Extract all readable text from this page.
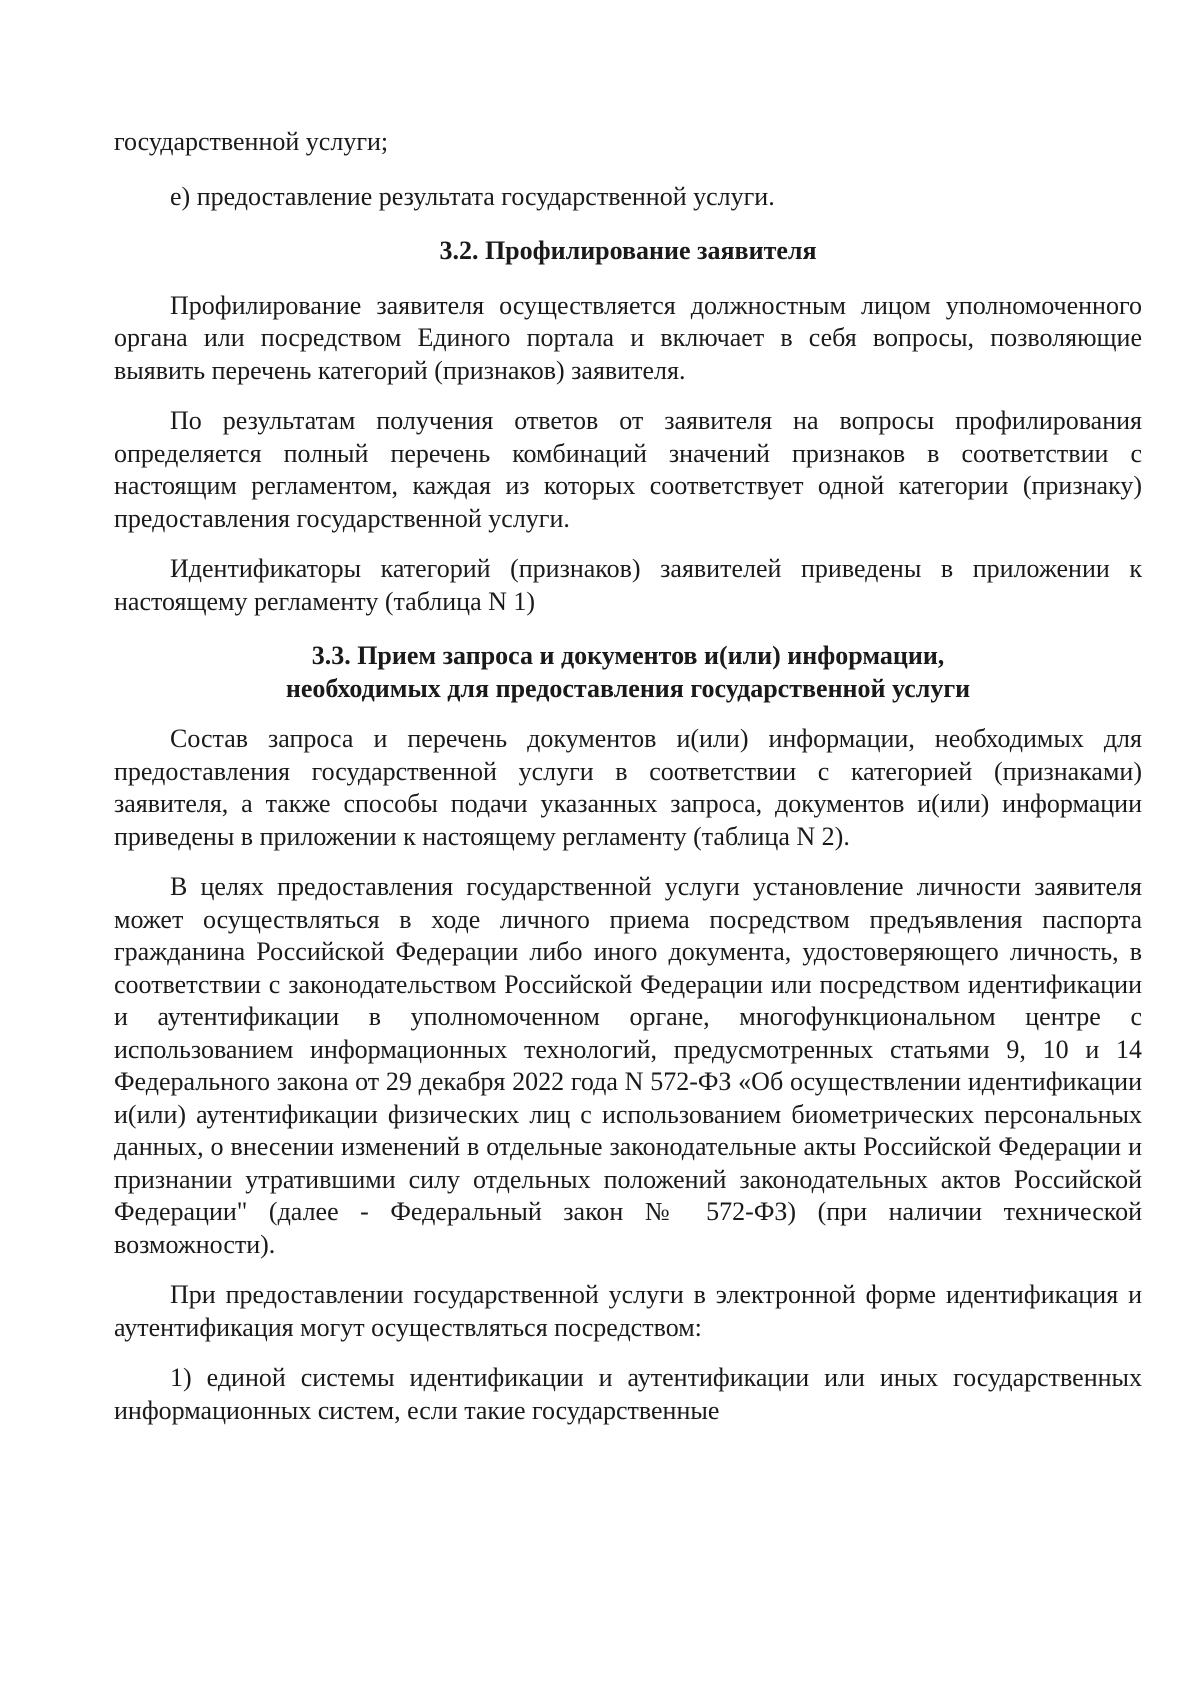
государственной услуги;

е) предоставление результата государственной услуги.

3.2. Профилирование заявителя

Профилирование заявителя осуществляется должностным лицом уполномоченного органа или посредством Единого портала и включает в себя вопросы, позволяющие выявить перечень категорий (признаков) заявителя.

По результатам получения ответов от заявителя на вопросы профилирования определяется полный перечень комбинаций значений признаков в соответствии с настоящим регламентом, каждая из которых соответствует одной категории (признаку) предоставления государственной услуги.

Идентификаторы категорий (признаков) заявителей приведены в приложении к настоящему регламенту (таблица N 1)

3.3. Прием запроса и документов и(или) информации,

необходимых для предоставления государственной услуги

Состав запроса и перечень документов и(или) информации, необходимых для предоставления государственной услуги в соответствии с категорией (признаками) заявителя, а также способы подачи указанных запроса, документов и(или) информации приведены в приложении к настоящему регламенту (таблица N 2).

В целях предоставления государственной услуги установление личности заявителя может осуществляться в ходе личного приема посредством предъявления паспорта гражданина Российской Федерации либо иного документа, удостоверяющего личность, в соответствии с законодательством Российской Федерации или посредством идентификации и аутентификации в уполномоченном органе, многофункциональном центре с использованием информационных технологий, предусмотренных статьями 9, 10 и 14 Федерального закона от 29 декабря 2022 года N 572-ФЗ «Об осуществлении идентификации и(или) аутентификации физических лиц с использованием биометрических персональных данных, о внесении изменений в отдельные законодательные акты Российской Федерации и признании утратившими силу отдельных положений законодательных актов Российской Федерации" (далее - Федеральный закон № 572-ФЗ) (при наличии технической возможности).

При предоставлении государственной услуги в электронной форме идентификация и аутентификация могут осуществляться посредством:

1) единой системы идентификации и аутентификации или иных государственных информационных систем, если такие государственные
